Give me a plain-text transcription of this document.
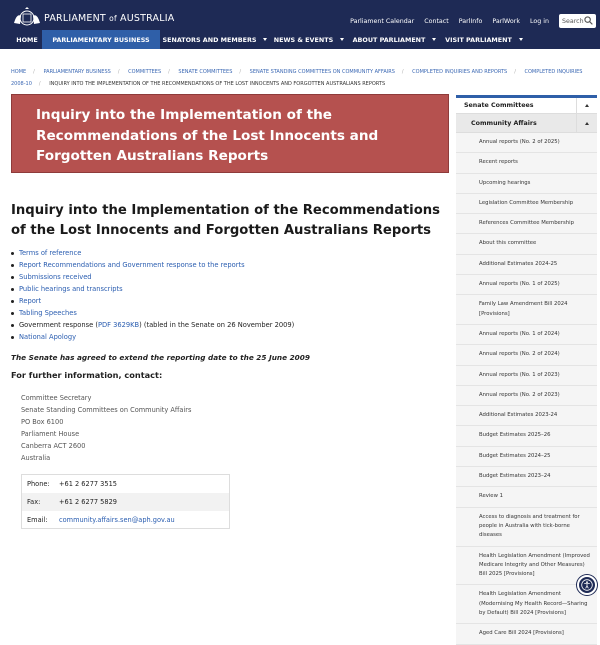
PARLIAMENT of AUSTRALIA	Parliament Calendar Contact ParlInfo ParlWork Log in Search
HOME PARLIAMENTARY BUSINESS SENATORS AND MEMBERS	NEWS & EVENTS	ABOUT PARLIAMENT	VISIT PARLIAMENT
HOME / PARLIAMENTARY BUSINESS / COMMITTEES / SENATE COMMITTEES / SENATE STANDING COMMITTEES ON COMMUNITY AFFAIRS / COMPLETED INQUIRIES AND REPORTS / COMPLETED INQUIRIES 2008-10 / INQUIRY INTO THE IMPLEMENTATION OF THE RECOMMENDATIONS OF THE LOST INNOCENTS AND FORGOTTEN AUSTRALIANS REPORTS
Inquiry into the Implementation of the Recommendations of the Lost Innocents and Forgotten Australians Reports
Inquiry into the Implementation of the Recommendations of the Lost Innocents and Forgotten Australians Reports
Terms of reference
Report Recommendations and Government response to the reports
Submissions received
Public hearings and transcripts
Report
Tabling Speeches
Government response (PDF 3629KB) (tabled in the Senate on 26 November 2009)
National Apology
The Senate has agreed to extend the reporting date to the 25 June 2009
For further information, contact:
Committee Secretary
Senate Standing Committees on Community Affairs
PO Box 6100
Parliament House
Canberra ACT 2600
Australia
Phone:	+61 2 6277 3515
Fax:	+61 2 6277 5829
Email:	community.affairs.sen@aph.gov.au
Senate Committees
Community Affairs
Annual reports (No. 2 of 2025)
Recent reports
Upcoming hearings
Legislation Committee Membership
References Committee Membership
About this committee
Additional Estimates 2024-25
Annual reports (No. 1 of 2025)
Family Law Amendment Bill 2024 [Provisions]
Annual reports (No. 1 of 2024)
Annual reports (No. 2 of 2024)
Annual reports (No. 1 of 2023)
Annual reports (No. 2 of 2023)
Additional Estimates 2023-24
Budget Estimates 2025–26
Budget Estimates 2024–25
Budget Estimates 2023–24
Review 1
Access to diagnosis and treatment for people in Australia with tick-borne diseases
Health Legislation Amendment (Improved Medicare Integrity and Other Measures) Bill 2025 [Provisions]
Health Legislation Amendment (Modernising My Health Record—Sharing by Default) Bill 2024 [Provisions]
Aged Care Bill 2024 [Provisions]
